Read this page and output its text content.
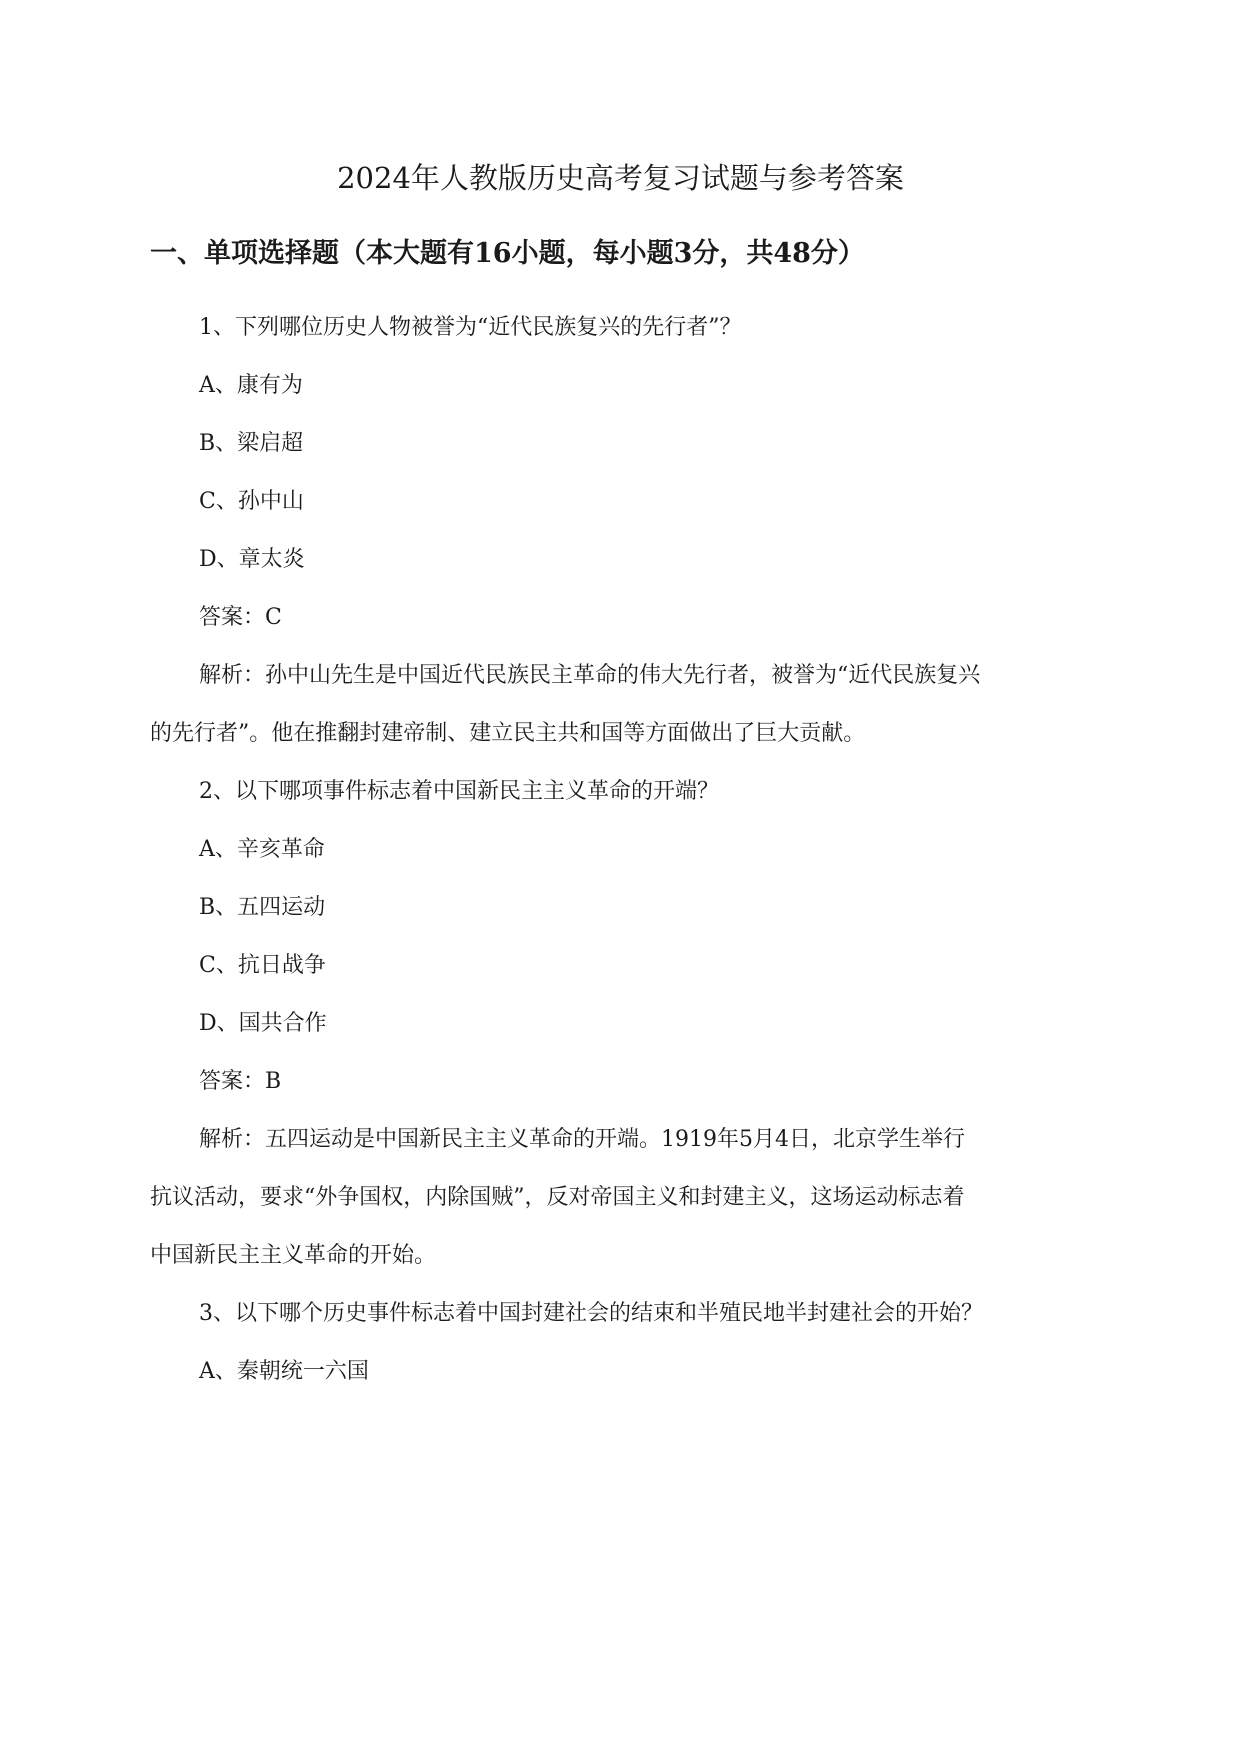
2024年人教版历史高考复习试题与参考答案
一、单项选择题（本大题有16小题，每小题3分，共48分）

1、下列哪位历史人物被誉为“近代民族复兴的先行者”？

A、康有为

B、梁启超

C、孙中山

D、章太炎

答案：C

解析：孙中山先生是中国近代民族民主革命的伟大先行者，被誉为“近代民族复兴

的先行者”。他在推翻封建帝制、建立民主共和国等方面做出了巨大贡献。

2、以下哪项事件标志着中国新民主主义革命的开端？

A、辛亥革命

B、五四运动

C、抗日战争

D、国共合作

答案：B

解析：五四运动是中国新民主主义革命的开端。1919年5月4日，北京学生举行

抗议活动，要求“外争国权，内除国贼”，反对帝国主义和封建主义，这场运动标志着

中国新民主主义革命的开始。

3、以下哪个历史事件标志着中国封建社会的结束和半殖民地半封建社会的开始？

A、秦朝统一六国
